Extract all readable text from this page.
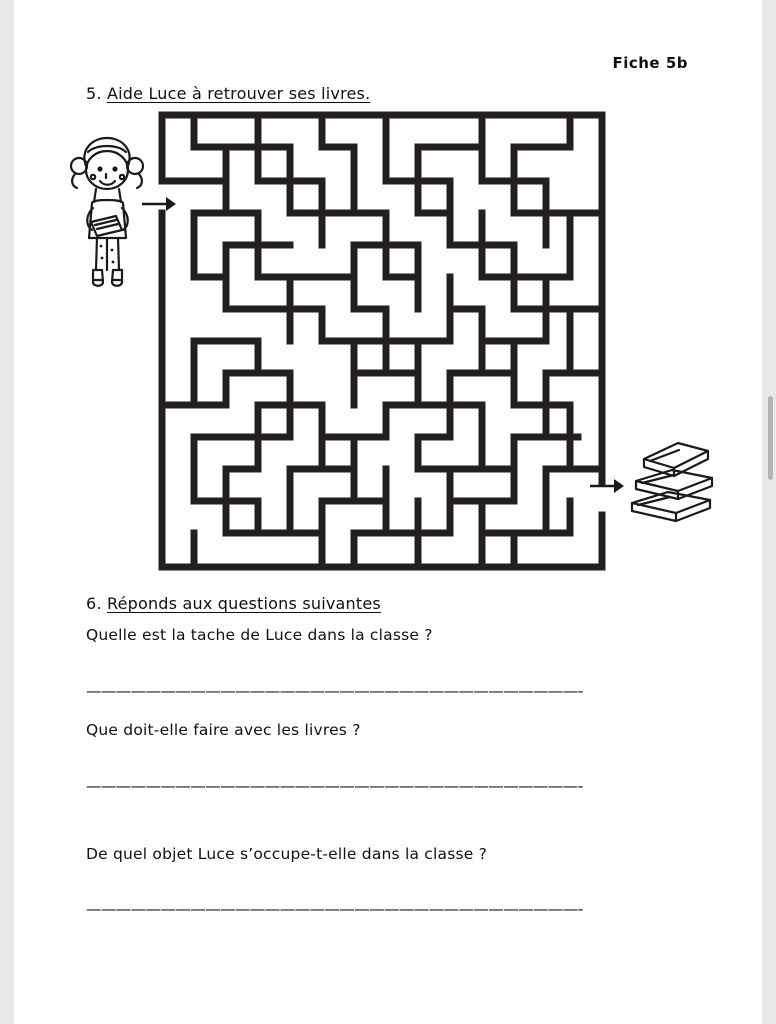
Fiche 5b
5. Aide Luce à retrouver ses livres.
6. Réponds aux questions suivantes
Quelle est la tache de Luce dans la classe ?
—————————————————————————————————-
Que doit-elle faire avec les livres ?
—————————————————————————————————-
De quel objet Luce s’occupe-t-elle dans la classe ?
—————————————————————————————————-
